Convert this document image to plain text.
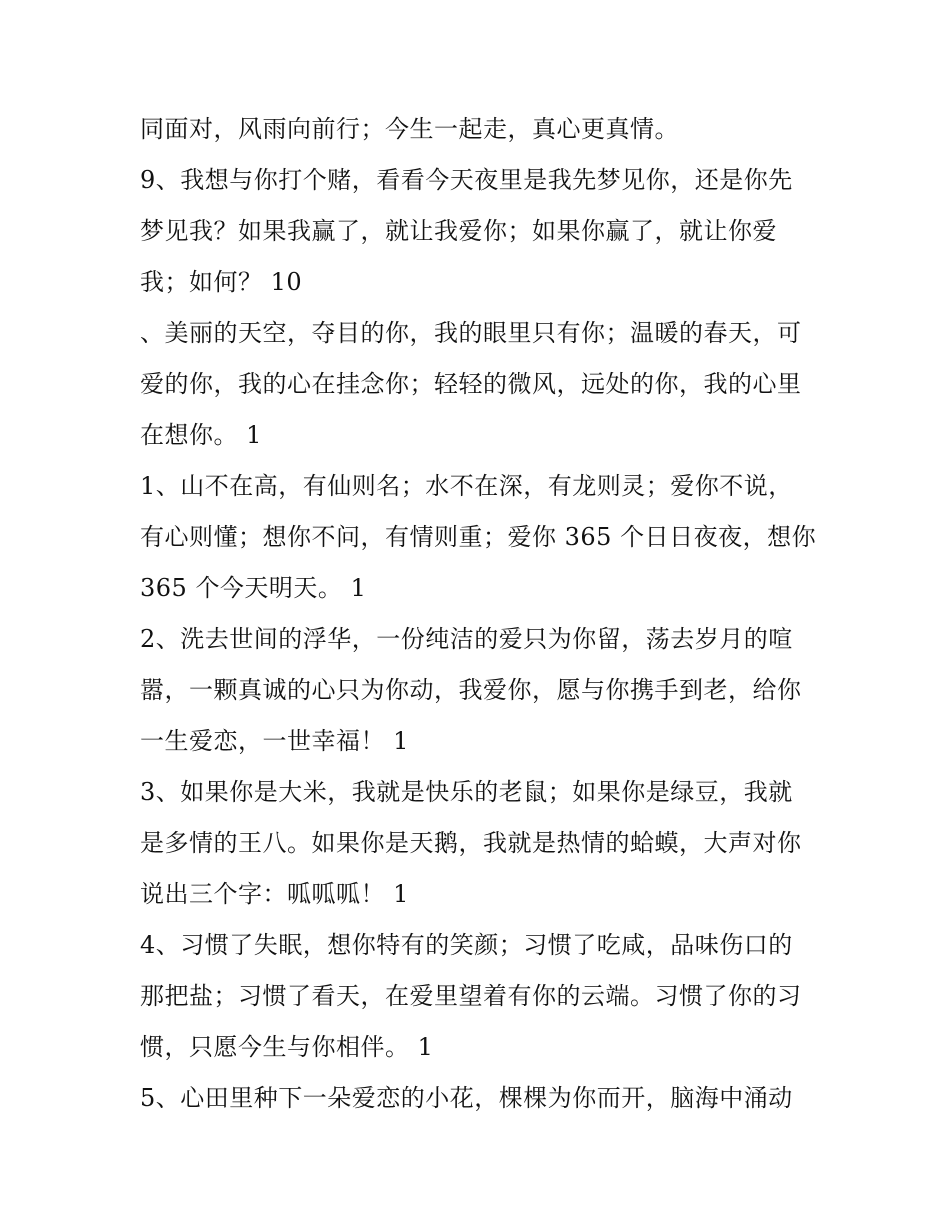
同面对，风雨向前行；今生一起走，真心更真情。
9、我想与你打个赌，看看今天夜里是我先梦见你，还是你先
梦见我？如果我赢了，就让我爱你；如果你赢了，就让你爱
我；如何？ 10
、美丽的天空，夺目的你，我的眼里只有你；温暖的春天，可
爱的你，我的心在挂念你；轻轻的微风，远处的你，我的心里
在想你。 1
1、山不在高，有仙则名；水不在深，有龙则灵；爱你不说，
有心则懂；想你不问，有情则重；爱你 365 个日日夜夜，想你
365 个今天明天。 1
2、洗去世间的浮华，一份纯洁的爱只为你留，荡去岁月的喧
嚣，一颗真诚的心只为你动，我爱你，愿与你携手到老，给你
一生爱恋，一世幸福！ 1
3、如果你是大米，我就是快乐的老鼠；如果你是绿豆，我就
是多情的王八。如果你是天鹅，我就是热情的蛤蟆，大声对你
说出三个字：呱呱呱！ 1
4、习惯了失眠，想你特有的笑颜；习惯了吃咸，品味伤口的
那把盐；习惯了看天，在爱里望着有你的云端。习惯了你的习
惯，只愿今生与你相伴。 1
5、心田里种下一朵爱恋的小花，棵棵为你而开，脑海中涌动
